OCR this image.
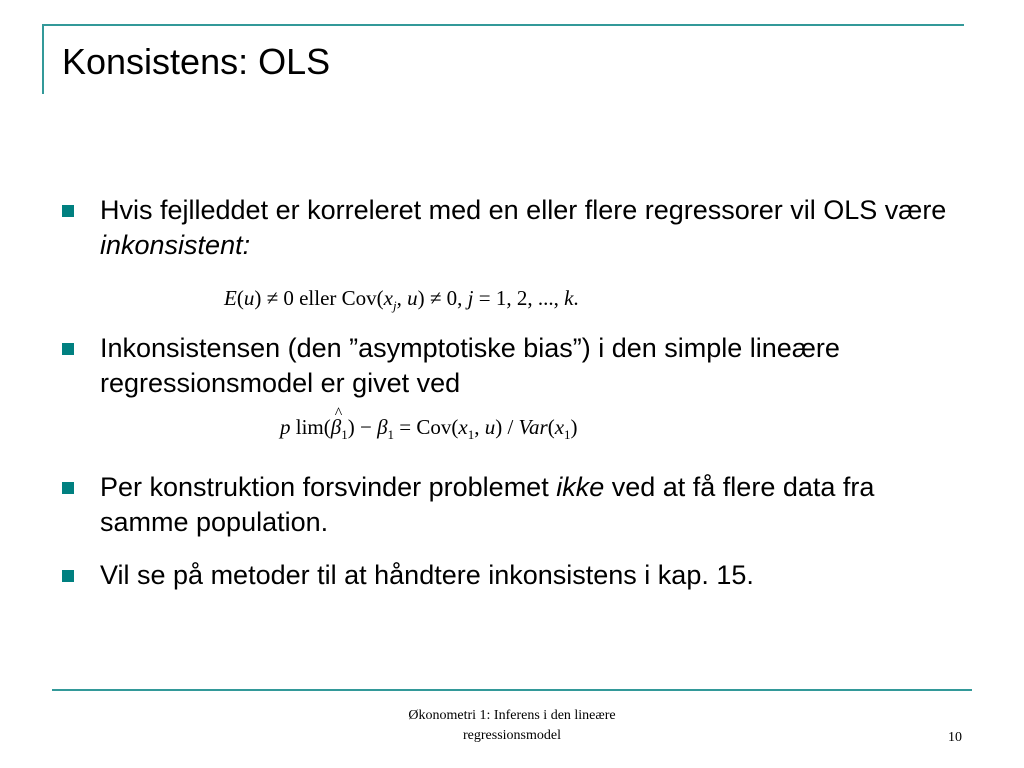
Konsistens: OLS
Hvis fejlleddet er korreleret med en eller flere regressorer vil OLS være inkonsistent:
E(u) ≠ 0 eller $Cov(x_j$, u) ≠ 0, j = 1, 2, ..., k.
Inkonsistensen (den ”asymptotiske bias”) i den simple lineære regressionsmodel er givet ved
p lim(^ $\beta_1) - \beta_1 = Cov(x_1$, $u) / Var(x_1)$
Per konstruktion forsvinder problemet ikke ved at få flere data fra samme population.
Vil se på metoder til at håndtere inkonsistens i kap. 15.
Økonometri 1: Inferens i den lineære
regressionsmodel	10
